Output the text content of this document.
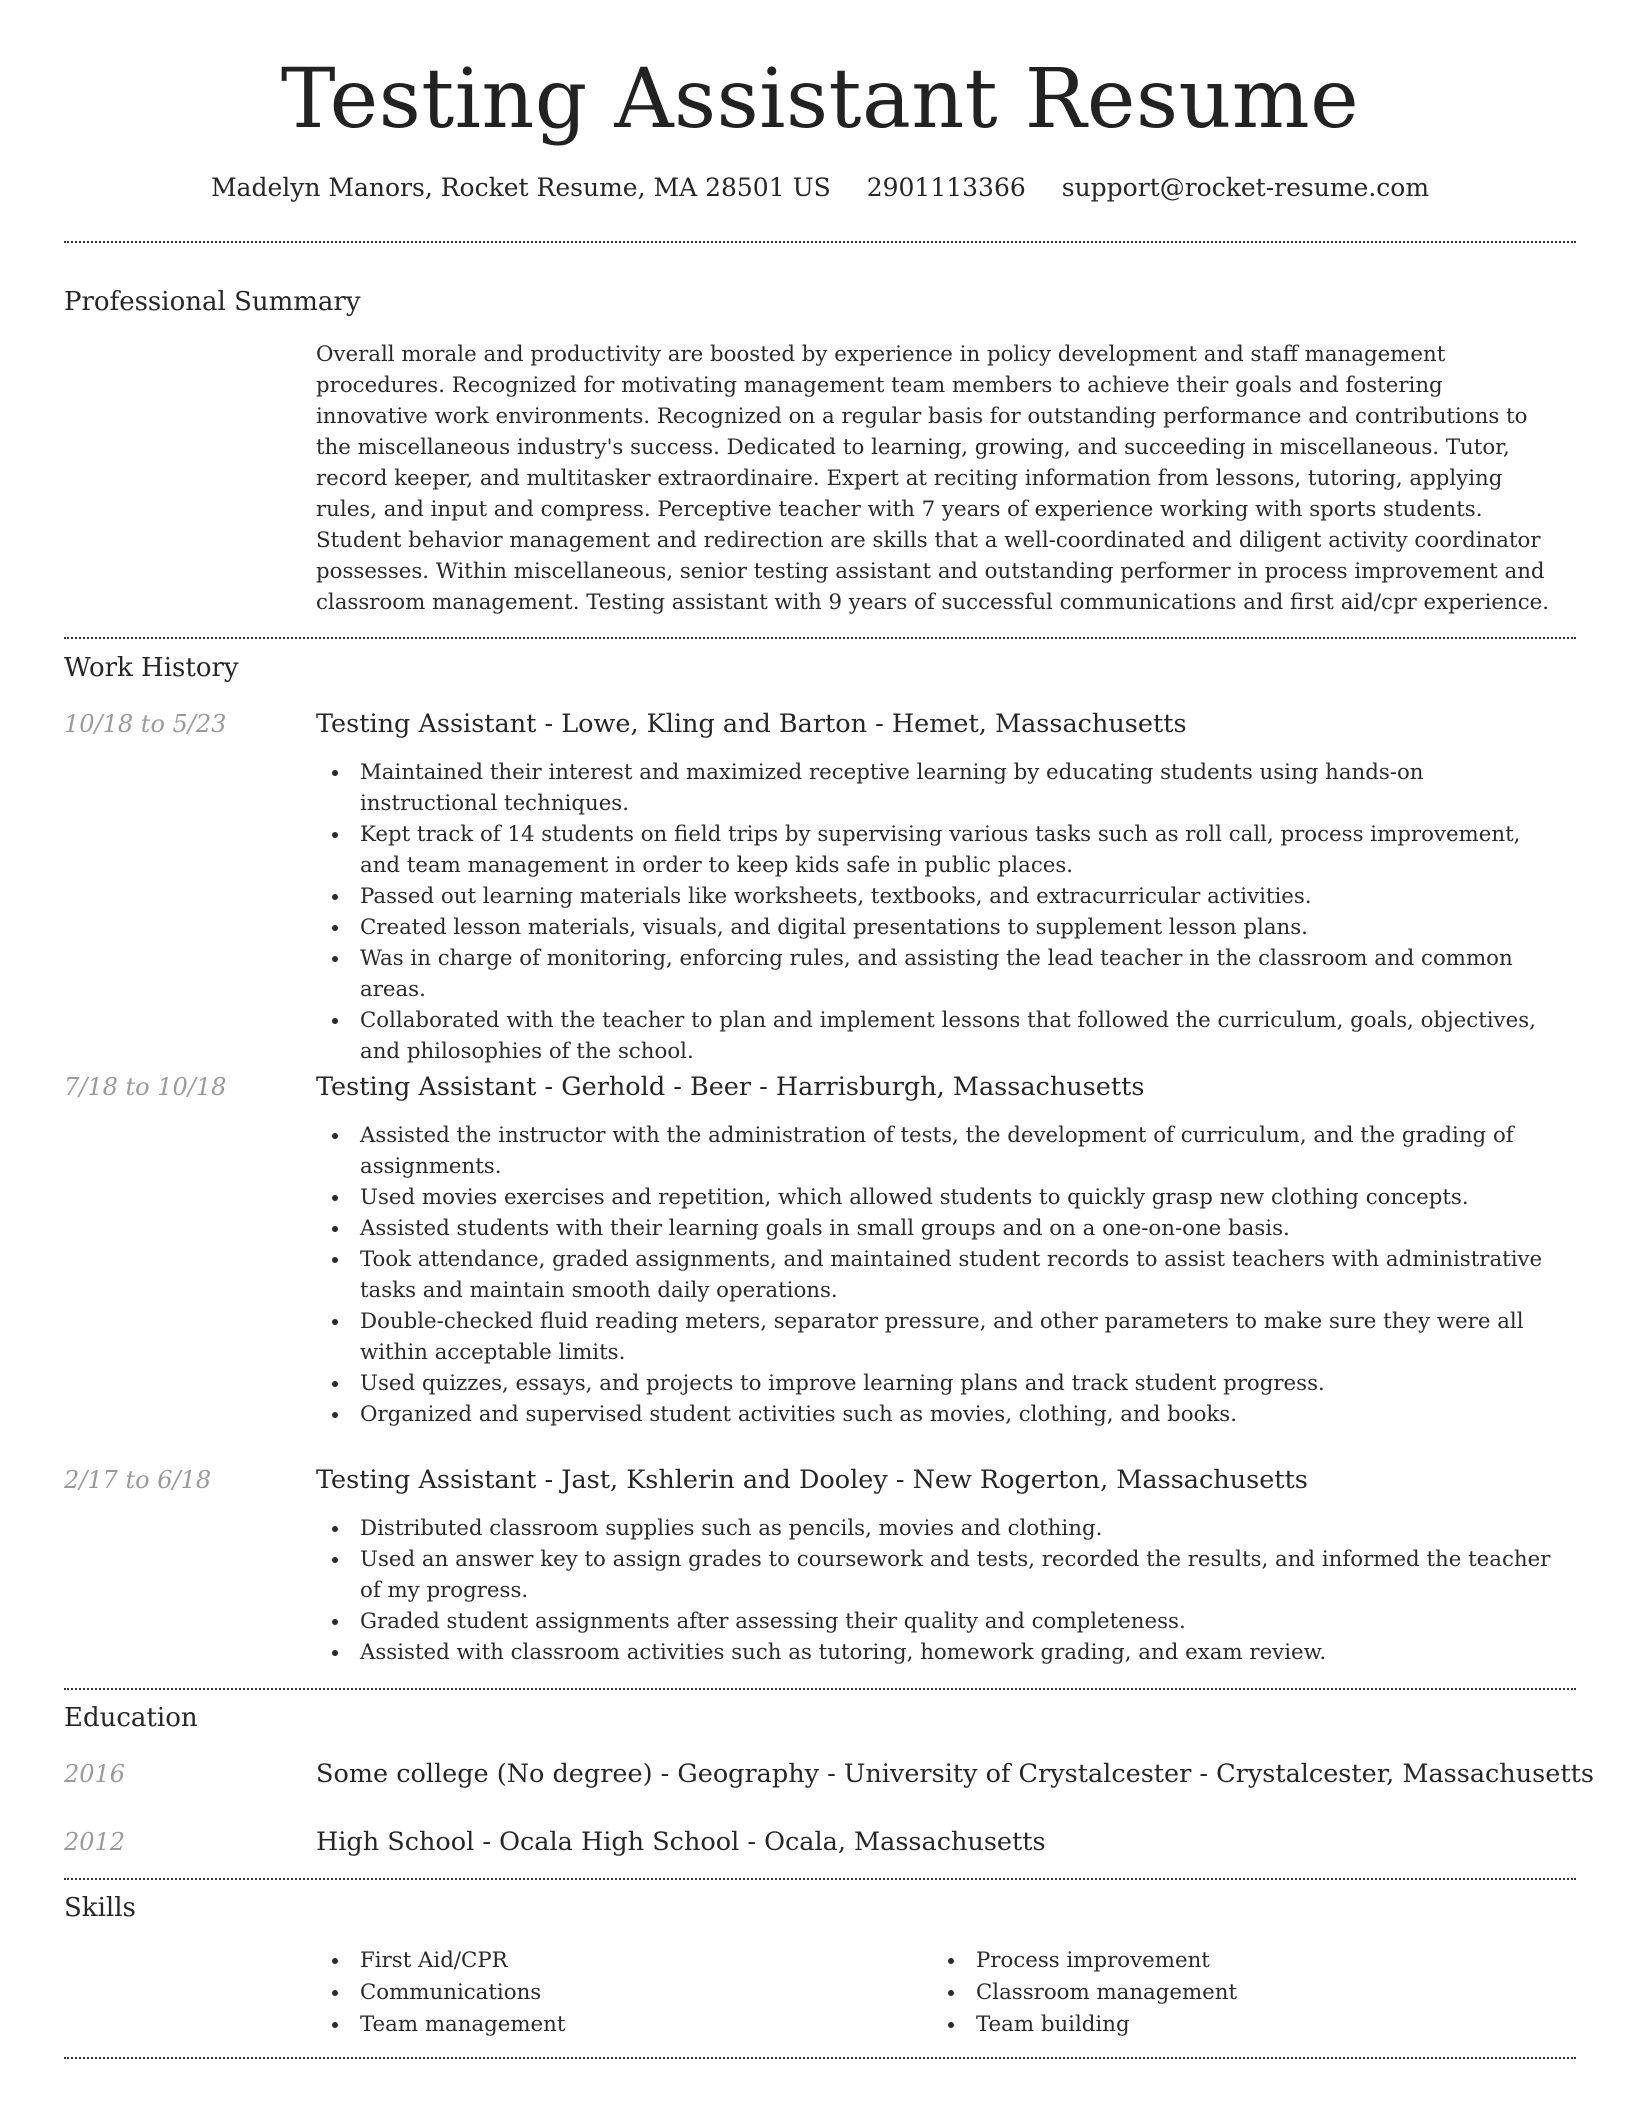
Testing Assistant Resume
Madelyn Manors, Rocket Resume, MA 28501 US 2901113366 support@rocket-resume.com
Professional Summary

Overall morale and productivity are boosted by experience in policy development and staff management procedures. Recognized for motivating management team members to achieve their goals and fostering innovative work environments. Recognized on a regular basis for outstanding performance and contributions to the miscellaneous industry's success. Dedicated to learning, growing, and succeeding in miscellaneous. Tutor, record keeper, and multitasker extraordinaire. Expert at reciting information from lessons, tutoring, applying rules, and input and compress. Perceptive teacher with 7 years of experience working with sports students. Student behavior management and redirection are skills that a well-coordinated and diligent activity coordinator possesses. Within miscellaneous, senior testing assistant and outstanding performer in process improvement and classroom management. Testing assistant with 9 years of successful communications and first aid/cpr experience.

Work History
10/18 to 5/23	Testing Assistant - Lowe, Kling and Barton - Hemet, Massachusetts
Maintained their interest and maximized receptive learning by educating students using hands-on instructional techniques.
Kept track of 14 students on field trips by supervising various tasks such as roll call, process improvement, and team management in order to keep kids safe in public places.
Passed out learning materials like worksheets, textbooks, and extracurricular activities.
Created lesson materials, visuals, and digital presentations to supplement lesson plans.
Was in charge of monitoring, enforcing rules, and assisting the lead teacher in the classroom and common areas.
Collaborated with the teacher to plan and implement lessons that followed the curriculum, goals, objectives, and philosophies of the school.
7/18 to 10/18	Testing Assistant - Gerhold - Beer - Harrisburgh, Massachusetts
Assisted the instructor with the administration of tests, the development of curriculum, and the grading of assignments.
Used movies exercises and repetition, which allowed students to quickly grasp new clothing concepts.
Assisted students with their learning goals in small groups and on a one-on-one basis.
Took attendance, graded assignments, and maintained student records to assist teachers with administrative tasks and maintain smooth daily operations.
Double-checked fluid reading meters, separator pressure, and other parameters to make sure they were all within acceptable limits.
Used quizzes, essays, and projects to improve learning plans and track student progress.
Organized and supervised student activities such as movies, clothing, and books.
2/17 to 6/18	Testing Assistant - Jast, Kshlerin and Dooley - New Rogerton, Massachusetts
Distributed classroom supplies such as pencils, movies and clothing.
Used an answer key to assign grades to coursework and tests, recorded the results, and informed the teacher of my progress.
Graded student assignments after assessing their quality and completeness.
Assisted with classroom activities such as tutoring, homework grading, and exam review.
Education
2016	Some college (No degree) - Geography - University of Crystalcester - Crystalcester, Massachusetts
2012	High School - Ocala High School - Ocala, Massachusetts
Skills
First Aid/CPR
Communications
Team management
Process improvement
Classroom management
Team building
